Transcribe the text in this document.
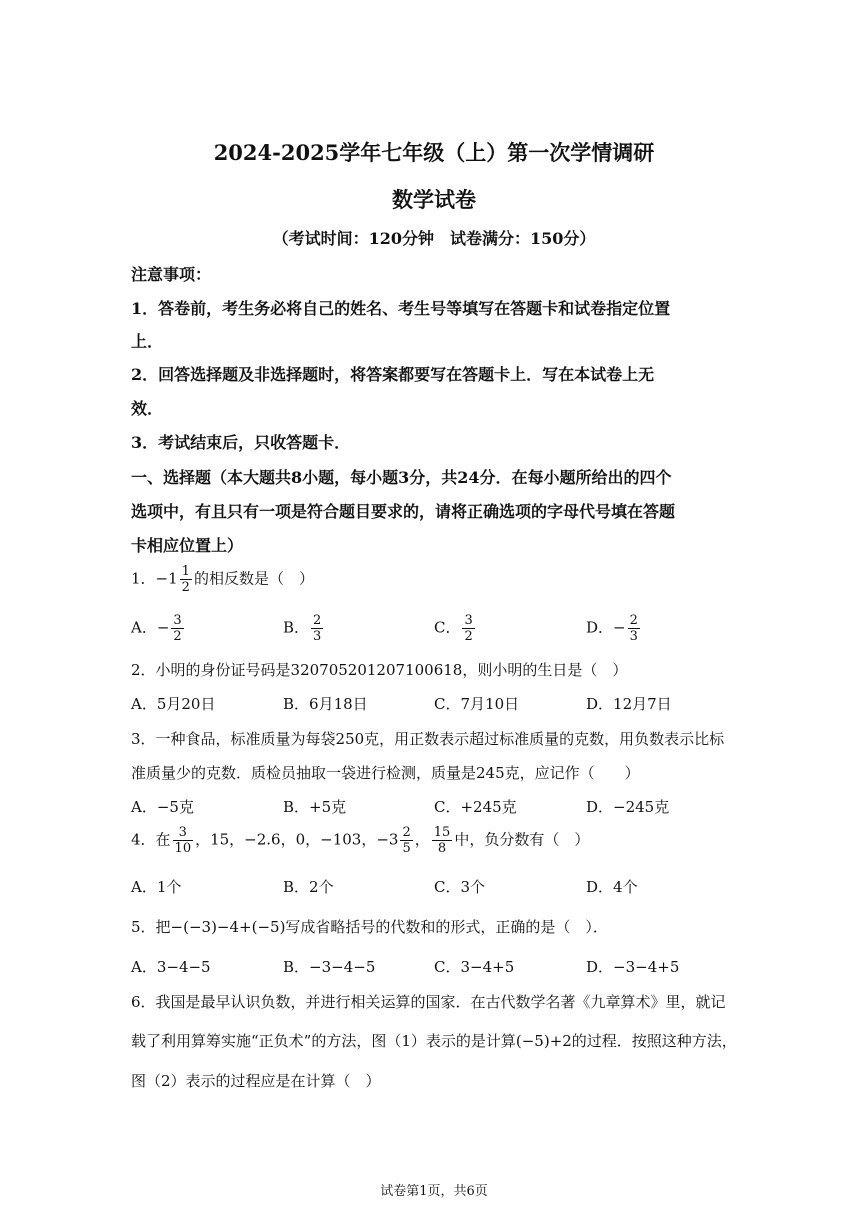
2024-2025学年七年级（上）第一次学情调研
数学试卷
（考试时间：120分钟　试卷满分：150分）
注意事项：
1．答卷前，考生务必将自己的姓名、考生号等填写在答题卡和试卷指定位置
上．
2．回答选择题及非选择题时，将答案都要写在答题卡上．写在本试卷上无
效．
3．考试结束后，只收答题卡．
一、选择题（本大题共8小题，每小题3分，共24分．在每小题所给出的四个
选项中，有且只有一项是符合题目要求的，请将正确选项的字母代号填在答题
卡相应位置上）
1．$-1 \frac{1}{2}$ 的相反数是（　）
A．− $\frac{3}{2}$	B． $\frac{2}{3}$	C． $\frac{3}{2}$	D．− $\frac{2}{3}$
2．小明的身份证号码是320705201207100618，则小明的生日是（　）
A．5月20日	B．6月18日	C．7月10日	D．12月7日
3．一种食品，标准质量为每袋250克，用正数表示超过标准质量的克数，用负数表示比标
准质量少的克数．质检员抽取一袋进行检测，质量是245克，应记作（　　）
A．−5克	B．+5克	C．+245克	D．−245克
4．在 $\frac{3}{10}$ ，15，−2.6，0，−103，$-3 \frac{2}{5}$ ， $\frac{15}{8}$ 中，负分数有（　）
A．1个	B．2个	C．3个	D．4个
5．把−(−3)−4+(−5)写成省略括号的代数和的形式，正确的是（　）．
A．3−4−5	B．−3−4−5	C．3−4+5	D．−3−4+5
6．我国是最早认识负数，并进行相关运算的国家．在古代数学名著《九章算术》里，就记
载了利用算筹实施“正负术”的方法，图（1）表示的是计算(−5)+2的过程．按照这种方法，
图（2）表示的过程应是在计算（　）
试卷第1页，共6页
